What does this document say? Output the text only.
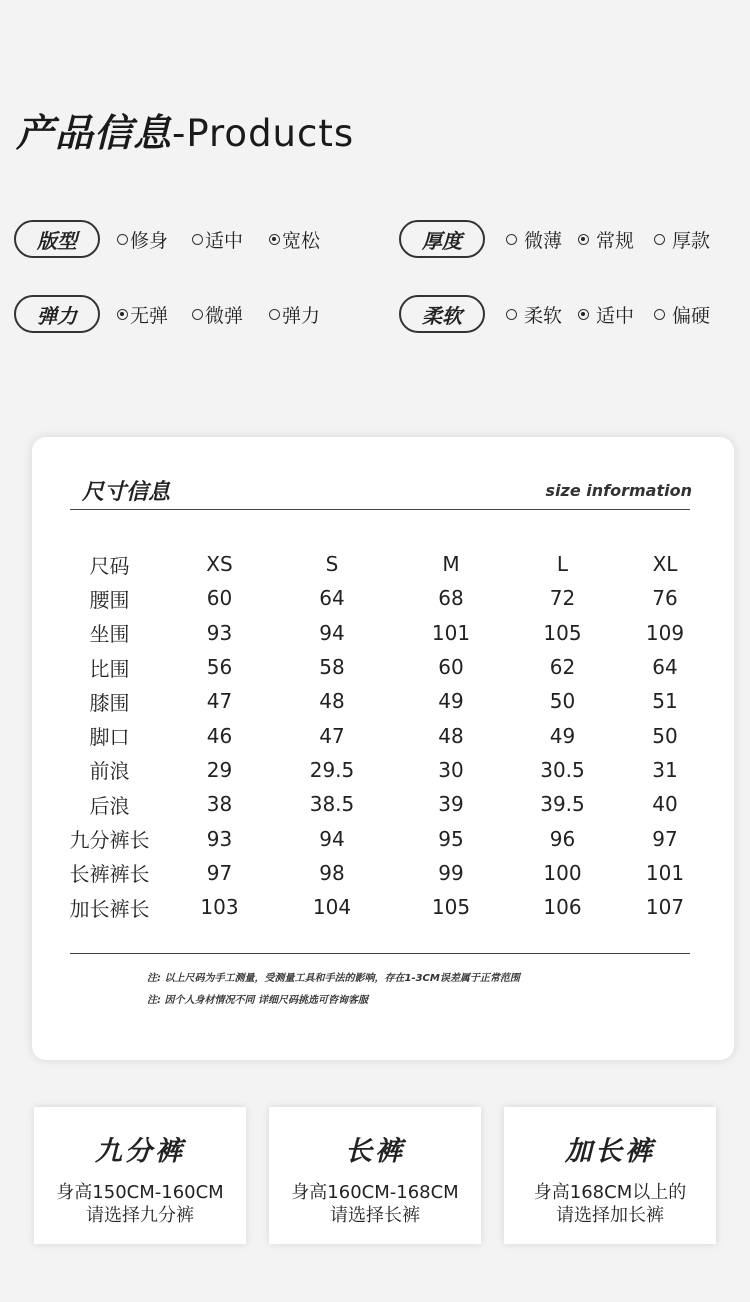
产品信息-Products
版型	修身 适中 宽松	厚度	微薄 常规 厚款
弹力	无弹 微弹 弹力	柔软	柔软 适中 偏硬
尺寸信息	size information
尺码	XS	S	M	L	XL
腰围	60	64	68	72	76
坐围	93	94	101	105	109
比围	56	58	60	62	64
膝围	47	48	49	50	51
脚口	46	47	48	49	50
前浪	29	29.5	30	30.5	31
后浪	38	38.5	39	39.5	40
九分裤长	93	94	95	96	97
长裤裤长	97	98	99	100	101
加长裤长	103	104	105	106	107
注: 以上尺码为手工测量，受测量工具和手法的影响，存在1-3CM误差属于正常范围
注: 因个人身材情况不同 详细尺码挑选可咨询客服
九分裤
身高150CM-160CM
请选择九分裤
长裤
身高160CM-168CM
请选择长裤
加长裤
身高168CM以上的
请选择加长裤
